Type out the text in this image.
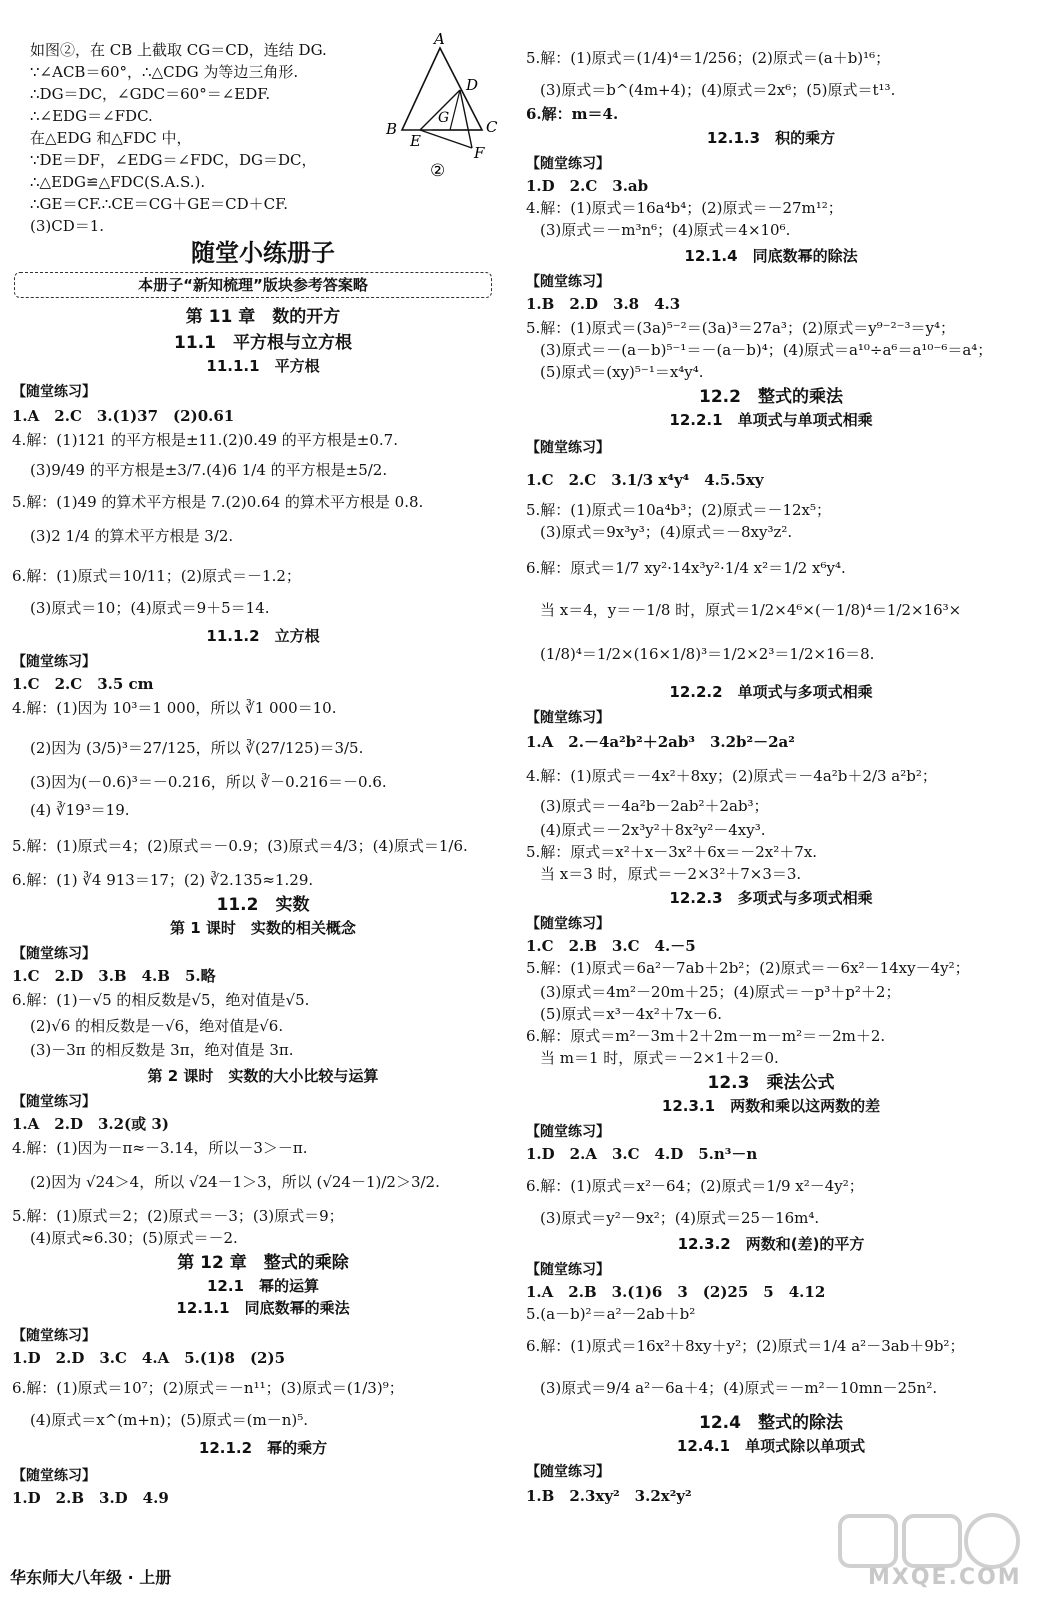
如图②，在 CB 上截取 CG＝CD，连结 DG.
∵∠ACB＝60°，∴△CDG 为等边三角形.
∴DG＝DC，∠GDC＝60°＝∠EDF.
∴∠EDG＝∠FDC.
在△EDG 和△FDC 中，
∵DE＝DF，∠EDG＝∠FDC，DG＝DC，
∴△EDG≌△FDC(S.A.S.).
∴GE＝CF.∴CE＝CG＋GE＝CD＋CF.
(3)CD＝1.
A
D
B
G C
E
F
②
随堂小练册子
本册子“新知梳理”版块参考答案略
第 11 章　数的开方
11.1　平方根与立方根
11.1.1　平方根
【随堂练习】
1.A　2.C　3.(1)37　(2)0.61
4.解：(1)121 的平方根是±11.(2)0.49 的平方根是±0.7.
(3)9/49 的平方根是±3/7.(4)6 1/4 的平方根是±5/2.
5.解：(1)49 的算术平方根是 7.(2)0.64 的算术平方根是 0.8.
(3)2 1/4 的算术平方根是 3/2.
6.解：(1)原式＝10/11；(2)原式＝－1.2；
(3)原式＝10；(4)原式＝9＋5＝14.
11.1.2　立方根
【随堂练习】
1.C　2.C　3.5 cm
4.解：(1)因为 10³＝1 000，所以 ∛1 000＝10.
(2)因为 (3/5)³＝27/125，所以 ∛(27/125)＝3/5.
(3)因为(－0.6)³＝－0.216，所以 ∛－0.216＝－0.6.
(4) ∛19³＝19.
5.解：(1)原式＝4；(2)原式＝－0.9；(3)原式＝4/3；(4)原式＝1/6.
6.解：(1) ∛4 913＝17；(2) ∛2.135≈1.29.
11.2　实数
第 1 课时　实数的相关概念
【随堂练习】
1.C　2.D　3.B　4.B　5.略
6.解：(1)－√5 的相反数是√5，绝对值是√5.
(2)√6 的相反数是－√6，绝对值是√6.
(3)－3π 的相反数是 3π，绝对值是 3π.
第 2 课时　实数的大小比较与运算
【随堂练习】
1.A　2.D　3.2(或 3)
4.解：(1)因为－π≈－3.14，所以－3＞－π.
(2)因为 √24＞4，所以 √24－1＞3，所以 (√24－1)/2＞3/2.
5.解：(1)原式＝2；(2)原式＝－3；(3)原式＝9；
(4)原式≈6.30；(5)原式＝－2.
第 12 章　整式的乘除
12.1　幂的运算
12.1.1　同底数幂的乘法
【随堂练习】
1.D　2.D　3.C　4.A　5.(1)8　(2)5
6.解：(1)原式＝10⁷；(2)原式＝－n¹¹；(3)原式＝(1/3)⁹；
(4)原式＝x^(m+n)；(5)原式＝(m－n)⁵.
12.1.2　幂的乘方
【随堂练习】
1.D　2.B　3.D　4.9
5.解：(1)原式＝(1/4)⁴＝1/256；(2)原式＝(a＋b)¹⁶；
(3)原式＝b^(4m+4)；(4)原式＝2x⁶；(5)原式＝t¹³.
6.解：m＝4.
12.1.3　积的乘方
【随堂练习】
1.D　2.C　3.ab
4.解：(1)原式＝16a⁴b⁴；(2)原式＝－27m¹²；
(3)原式＝－m³n⁶；(4)原式＝4×10⁶.
12.1.4　同底数幂的除法
【随堂练习】
1.B　2.D　3.8　4.3
5.解：(1)原式＝(3a)⁵⁻²＝(3a)³＝27a³；(2)原式＝y⁹⁻²⁻³＝y⁴；
(3)原式＝－(a－b)⁵⁻¹＝－(a－b)⁴；(4)原式＝a¹⁰÷a⁶＝a¹⁰⁻⁶＝a⁴；
(5)原式＝(xy)⁵⁻¹＝x⁴y⁴.
12.2　整式的乘法
12.2.1　单项式与单项式相乘
【随堂练习】
1.C　2.C　3.1/3 x⁴y⁴　4.5.5xy
5.解：(1)原式＝10a⁴b³；(2)原式＝－12x⁵；
(3)原式＝9x³y³；(4)原式＝－8xy³z².
6.解：原式＝1/7 xy²·14x³y²·1/4 x²＝1/2 x⁶y⁴.
当 x＝4，y＝－1/8 时，原式＝1/2×4⁶×(－1/8)⁴＝1/2×16³×
(1/8)⁴＝1/2×(16×1/8)³＝1/2×2³＝1/2×16＝8.
12.2.2　单项式与多项式相乘
【随堂练习】
1.A　2.－4a²b²＋2ab³　3.2b²－2a²
4.解：(1)原式＝－4x²＋8xy；(2)原式＝－4a²b＋2/3 a²b²；
(3)原式＝－4a²b－2ab²＋2ab³；
(4)原式＝－2x³y²＋8x²y²－4xy³.
5.解：原式＝x²＋x－3x²＋6x＝－2x²＋7x.
当 x＝3 时，原式＝－2×3²＋7×3＝3.
12.2.3　多项式与多项式相乘
【随堂练习】
1.C　2.B　3.C　4.－5
5.解：(1)原式＝6a²－7ab＋2b²；(2)原式＝－6x²－14xy－4y²；
(3)原式＝4m²－20m＋25；(4)原式＝－p³＋p²＋2；
(5)原式＝x³－4x²＋7x－6.
6.解：原式＝m²－3m＋2＋2m－m－m²＝－2m＋2.
当 m＝1 时，原式＝－2×1＋2＝0.
12.3　乘法公式
12.3.1　两数和乘以这两数的差
【随堂练习】
1.D　2.A　3.C　4.D　5.n³－n
6.解：(1)原式＝x²－64；(2)原式＝1/9 x²－4y²；
(3)原式＝y²－9x²；(4)原式＝25－16m⁴.
12.3.2　两数和(差)的平方
【随堂练习】
1.A　2.B　3.(1)6　3　(2)25　5　4.12
5.(a－b)²＝a²－2ab＋b²
6.解：(1)原式＝16x²＋8xy＋y²；(2)原式＝1/4 a²－3ab＋9b²；
(3)原式＝9/4 a²－6a＋4；(4)原式＝－m²－10mn－25n².
12.4　整式的除法
12.4.1　单项式除以单项式
【随堂练习】
1.B　2.3xy²　3.2x²y²
华东师大八年级 · 上册	MXQE.COM
